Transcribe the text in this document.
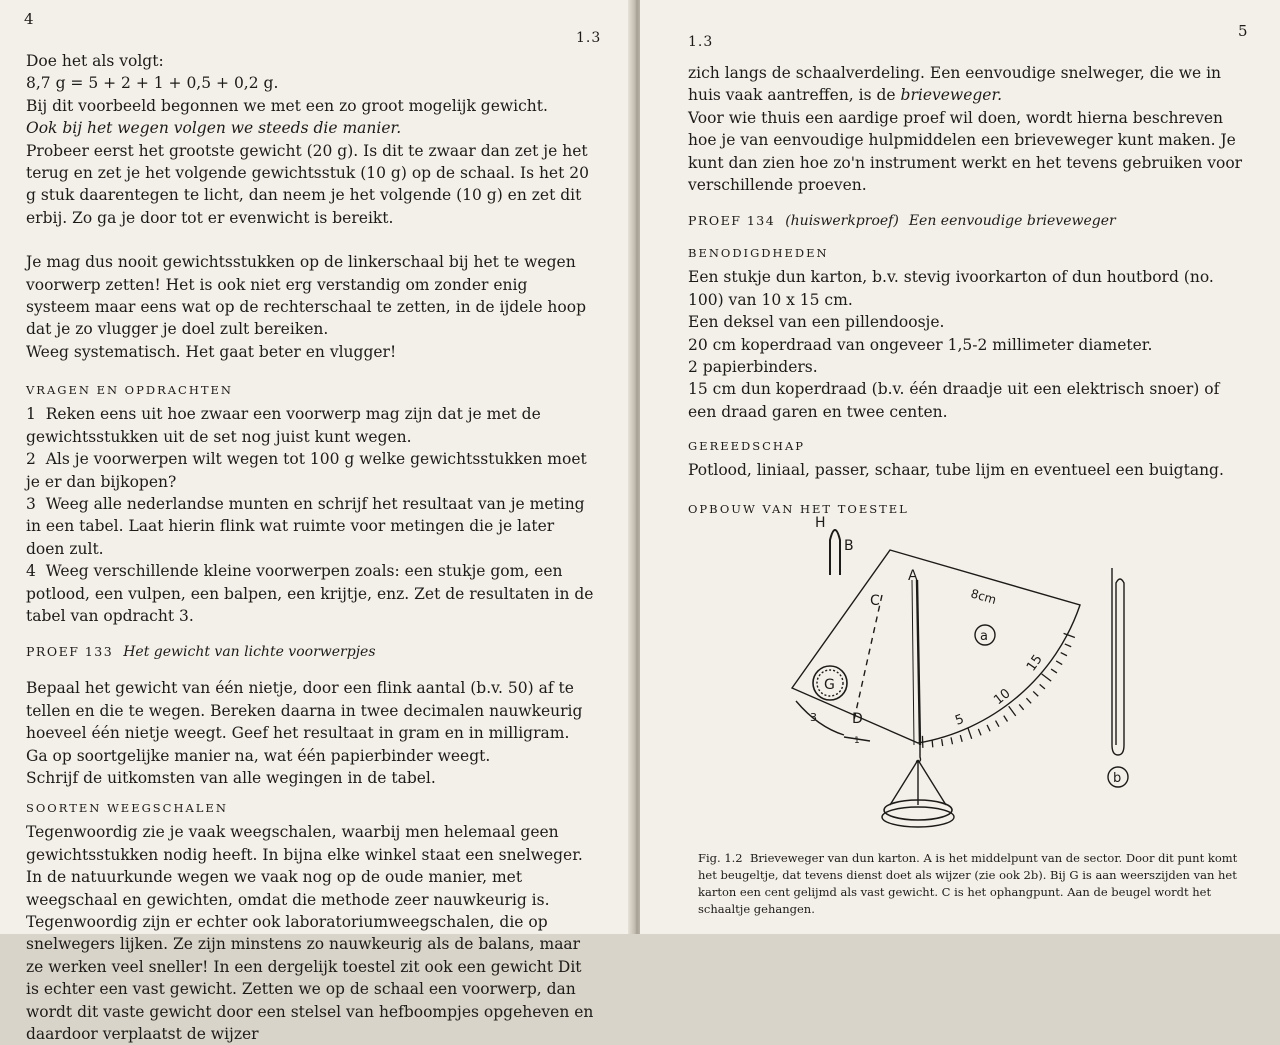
4
1.3

Doe het als volgt:

8,7 g = 5 + 2 + 1 + 0,5 + 0,2 g.

Bij dit voorbeeld begonnen we met een zo groot mogelijk gewicht.

Ook bij het wegen volgen we steeds die manier.

Probeer eerst het grootste gewicht (20 g). Is dit te zwaar dan zet je het terug en zet je het volgende gewichtsstuk (10 g) op de schaal. Is het 20 g stuk daarentegen te licht, dan neem je het volgende (10 g) en zet dit erbij. Zo ga je door tot er evenwicht is bereikt.

Je mag dus nooit gewichtsstukken op de linkerschaal bij het te wegen voorwerp zetten! Het is ook niet erg verstandig om zonder enig systeem maar eens wat op de rechterschaal te zetten, in de ijdele hoop dat je zo vlugger je doel zult bereiken.

Weeg systematisch. Het gaat beter en vlugger!

VRAGEN EN OPDRACHTEN

1 Reken eens uit hoe zwaar een voorwerp mag zijn dat je met de gewichtsstukken uit de set nog juist kunt wegen.

2 Als je voorwerpen wilt wegen tot 100 g welke gewichtsstukken moet je er dan bijkopen?

3 Weeg alle nederlandse munten en schrijf het resultaat van je meting in een tabel. Laat hierin flink wat ruimte voor metingen die je later doen zult.

4 Weeg verschillende kleine voorwerpen zoals: een stukje gom, een potlood, een vulpen, een balpen, een krijtje, enz. Zet de resultaten in de tabel van opdracht 3.

PROEF 133 Het gewicht van lichte voorwerpjes

Bepaal het gewicht van één nietje, door een flink aantal (b.v. 50) af te tellen en die te wegen. Bereken daarna in twee decimalen nauwkeurig hoeveel één nietje weegt. Geef het resultaat in gram en in milligram.

Ga op soortgelijke manier na, wat één papierbinder weegt.

Schrijf de uitkomsten van alle wegingen in de tabel.

SOORTEN WEEGSCHALEN

Tegenwoordig zie je vaak weegschalen, waarbij men helemaal geen gewichtsstukken nodig heeft. In bijna elke winkel staat een snelweger. In de natuurkunde wegen we vaak nog op de oude manier, met weegschaal en gewichten, omdat die methode zeer nauwkeurig is. Tegenwoordig zijn er echter ook laboratoriumweegschalen, die op snelwegers lijken. Ze zijn minstens zo nauwkeurig als de balans, maar ze werken veel sneller! In een dergelijk toestel zit ook een gewicht Dit is echter een vast gewicht. Zetten we op de schaal een voorwerp, dan wordt dit vaste gewicht door een stelsel van hefboompjes opgeheven en daardoor verplaatst de wijzer

1.3
5

zich langs de schaalverdeling. Een eenvoudige snelweger, die we in huis vaak aantreffen, is de brieveweger.

Voor wie thuis een aardige proef wil doen, wordt hierna beschreven hoe je van eenvoudige hulpmiddelen een brieveweger kunt maken. Je kunt dan zien hoe zo'n instrument werkt en het tevens gebruiken voor verschillende proeven.

PROEF 134 (huiswerkproef) Een eenvoudige brieveweger
BENODIGDHEDEN

Een stukje dun karton, b.v. stevig ivoorkarton of dun houtbord (no. 100) van 10 x 15 cm.

Een deksel van een pillendoosje.

20 cm koperdraad van ongeveer 1,5-2 millimeter diameter.

2 papierbinders.

15 cm dun koperdraad (b.v. één draadje uit een elektrisch snoer) of een draad garen en twee centen.

GEREEDSCHAP

Potlood, liniaal, passer, schaar, tube lijm en eventueel een buigtang.

OPBOUW VAN HET TOESTEL
H
B
A
C
D
G
a
b
8cm
3
1
5
10
15
Fig. 1.2 Brieveweger van dun karton. A is het middelpunt van de sector. Door dit punt komt het beugeltje, dat tevens dienst doet als wijzer (zie ook 2b). Bij G is aan weerszijden van het karton een cent gelijmd als vast gewicht. C is het ophangpunt. Aan de beugel wordt het schaaltje gehangen.
